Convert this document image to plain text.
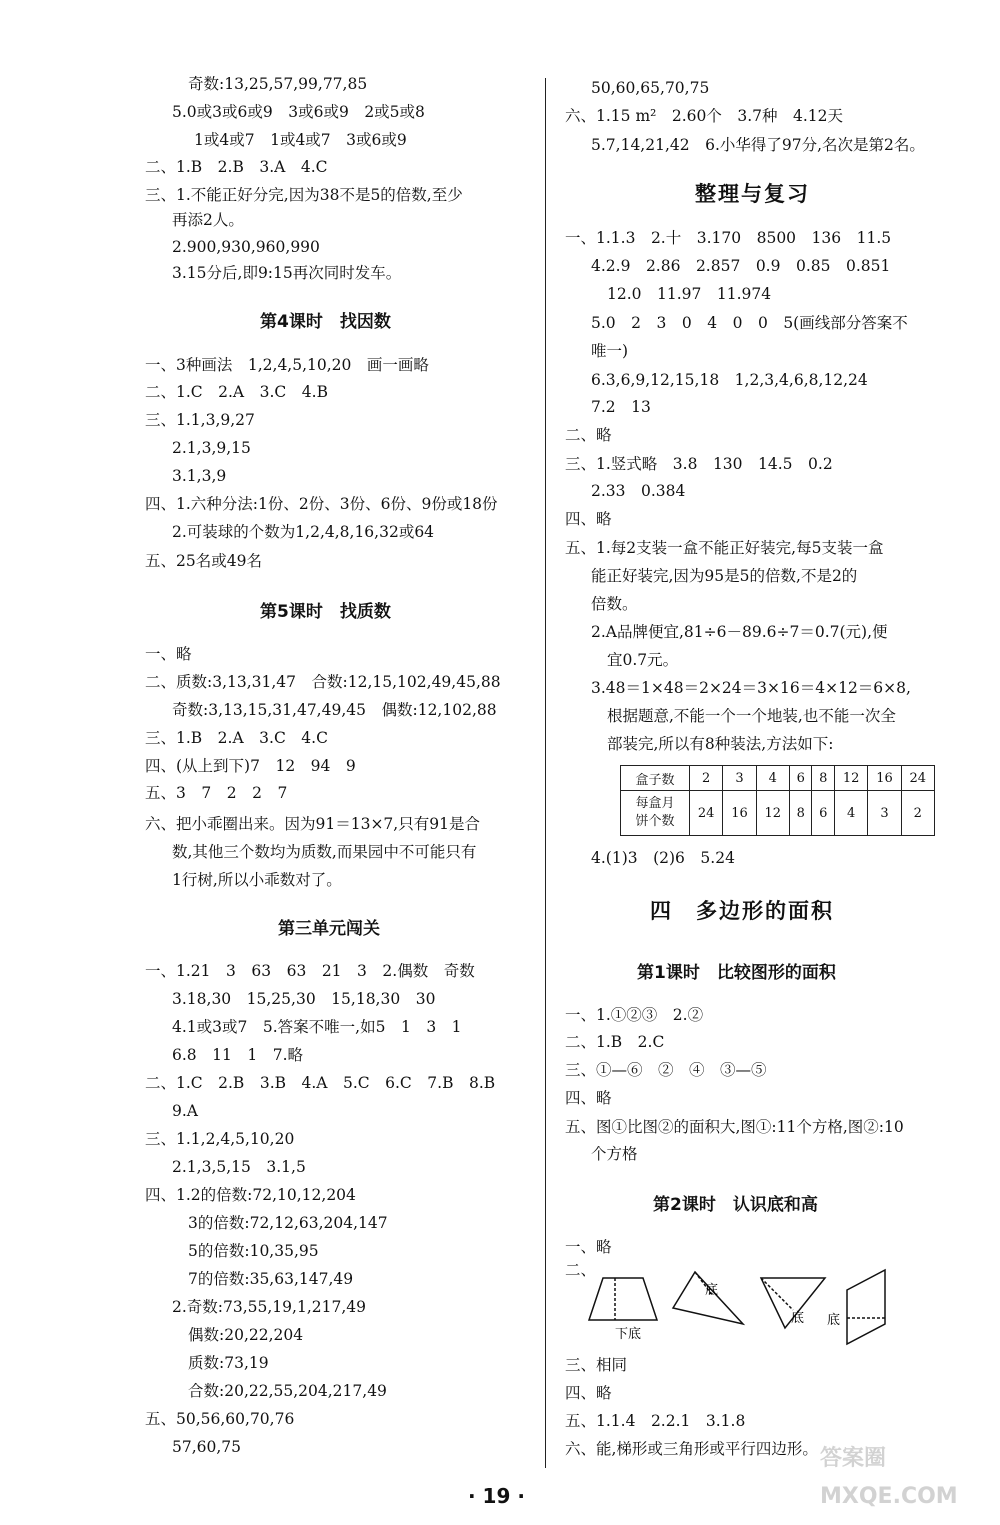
奇数:13,25,57,99,77,85
5.0或3或6或9　3或6或9　2或5或8
1或4或7　1或4或7　3或6或9
二、1.B　2.B　3.A　4.C
三、1.不能正好分完,因为38不是5的倍数,至少
再添2人。
2.900,930,960,990
3.15分后,即9:15再次同时发车。
第4课时　找因数
一、3种画法　1,2,4,5,10,20　画一画略
二、1.C　2.A　3.C　4.B
三、1.1,3,9,27
2.1,3,9,15
3.1,3,9
四、1.六种分法:1份、2份、3份、6份、9份或18份
2.可装球的个数为1,2,4,8,16,32或64
五、25名或49名
第5课时　找质数
一、略
二、质数:3,13,31,47　合数:12,15,102,49,45,88
奇数:3,13,15,31,47,49,45　偶数:12,102,88
三、1.B　2.A　3.C　4.C
四、(从上到下)7　12　94　9
五、3　7　2　2　7
六、把小乖圈出来。因为91＝13×7,只有91是合
数,其他三个数均为质数,而果园中不可能只有
1行树,所以小乖数对了。
第三单元闯关
一、1.21　3　63　63　21　3　2.偶数　奇数
3.18,30　15,25,30　15,18,30　30
4.1或3或7　5.答案不唯一,如5　1　3　1
6.8　11　1　7.略
二、1.C　2.B　3.B　4.A　5.C　6.C　7.B　8.B
9.A
三、1.1,2,4,5,10,20
2.1,3,5,15　3.1,5
四、1.2的倍数:72,10,12,204
3的倍数:72,12,63,204,147
5的倍数:10,35,95
7的倍数:35,63,147,49
2.奇数:73,55,19,1,217,49
偶数:20,22,204
质数:73,19
合数:20,22,55,204,217,49
五、50,56,60,70,76
57,60,75
50,60,65,70,75
六、1.15 m²　2.60个　3.7种　4.12天
5.7,14,21,42　6.小华得了97分,名次是第2名。
整理与复习
一、1.1.3　2.十　3.170　8500　136　11.5
4.2.9　2.86　2.857　0.9　0.85　0.851
12.0　11.97　11.974
5.0　2　3　0　4　0　0　5(画线部分答案不
唯一)
6.3,6,9,12,15,18　1,2,3,4,6,8,12,24
7.2　13
二、略
三、1.竖式略　3.8　130　14.5　0.2
2.33　0.384
四、略
五、1.每2支装一盒不能正好装完,每5支装一盒
能正好装完,因为95是5的倍数,不是2的
倍数。
2.A品牌便宜,81÷6－89.6÷7＝0.7(元),便
宜0.7元。
3.48＝1×48＝2×24＝3×16＝4×12＝6×8,
根据题意,不能一个一个地装,也不能一次全
部装完,所以有8种装法,方法如下:
盒子数	2	3	4	6	8	12	16	24
每盒月
饼个数	24	16	12	8	6	4	3	2
4.(1)3　(2)6　5.24
四　多边形的面积
第1课时　比较图形的面积
一、1.①②③　2.②
二、1.B　2.C
三、①—⑥　②　④　③—⑤
四、略
五、图①比图②的面积大,图①:11个方格,图②:10
个方格
第2课时　认识底和高
一、略
二、
下底
底
底 底
三、相同
四、略
五、1.1.4　2.2.1　3.1.8
六、能,梯形或三角形或平行四边形。
· 19 ·
答案圈 MXQE.COM
